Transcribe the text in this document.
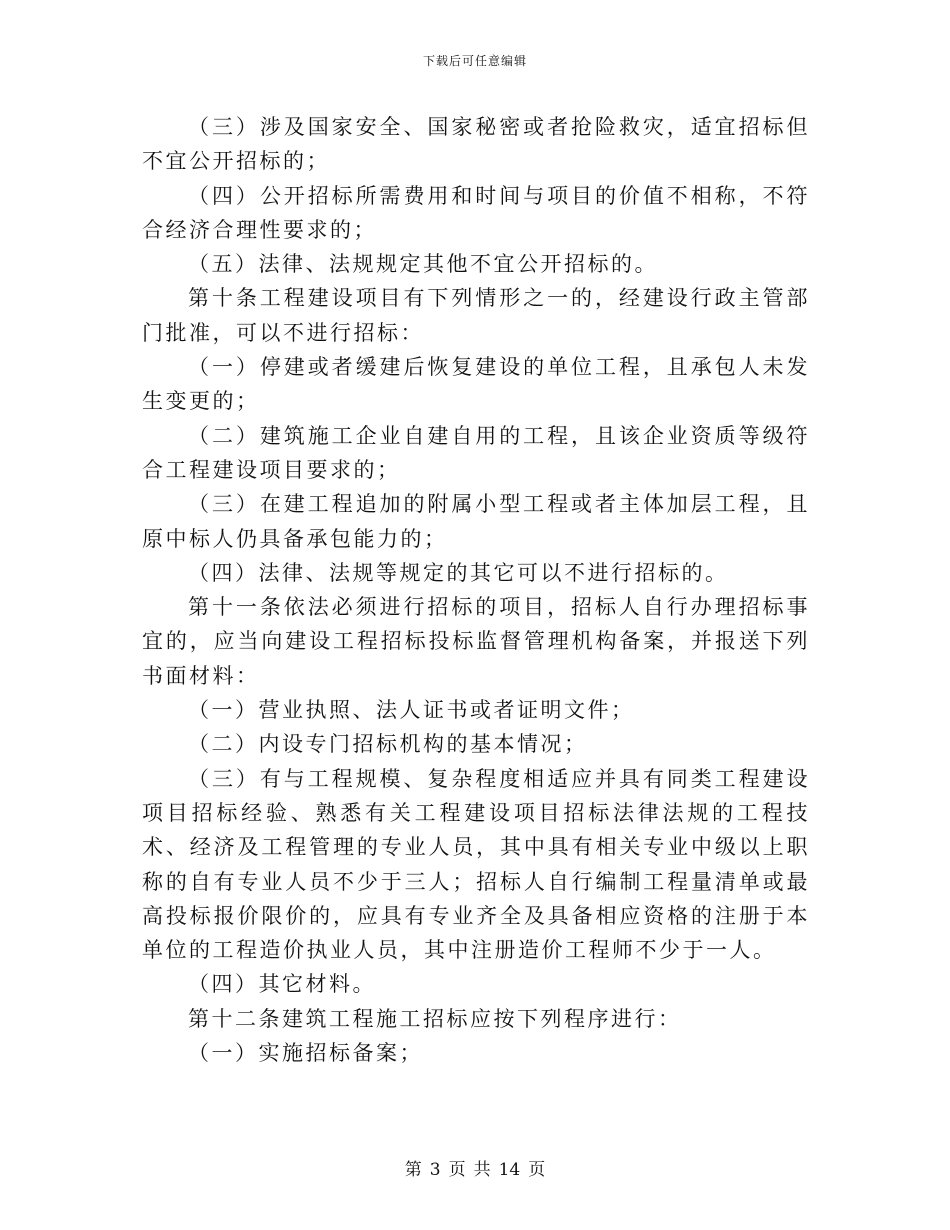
下载后可任意编辑

（三）涉及国家安全、国家秘密或者抢险救灾，适宜招标但不宜公开招标的；

（四）公开招标所需费用和时间与项目的价值不相称，不符合经济合理性要求的；

（五）法律、法规规定其他不宜公开招标的。

第十条工程建设项目有下列情形之一的，经建设行政主管部门批准，可以不进行招标：

（一）停建或者缓建后恢复建设的单位工程，且承包人未发生变更的；

（二）建筑施工企业自建自用的工程，且该企业资质等级符合工程建设项目要求的；

（三）在建工程追加的附属小型工程或者主体加层工程，且原中标人仍具备承包能力的；

（四）法律、法规等规定的其它可以不进行招标的。

第十一条依法必须进行招标的项目，招标人自行办理招标事宜的，应当向建设工程招标投标监督管理机构备案，并报送下列书面材料：

（一）营业执照、法人证书或者证明文件；

（二）内设专门招标机构的基本情况；

（三）有与工程规模、复杂程度相适应并具有同类工程建设项目招标经验、熟悉有关工程建设项目招标法律法规的工程技术、经济及工程管理的专业人员，其中具有相关专业中级以上职称的自有专业人员不少于三人；招标人自行编制工程量清单或最高投标报价限价的，应具有专业齐全及具备相应资格的注册于本单位的工程造价执业人员，其中注册造价工程师不少于一人。

（四）其它材料。

第十二条建筑工程施工招标应按下列程序进行：

（一）实施招标备案；

第 3 页 共 14 页
